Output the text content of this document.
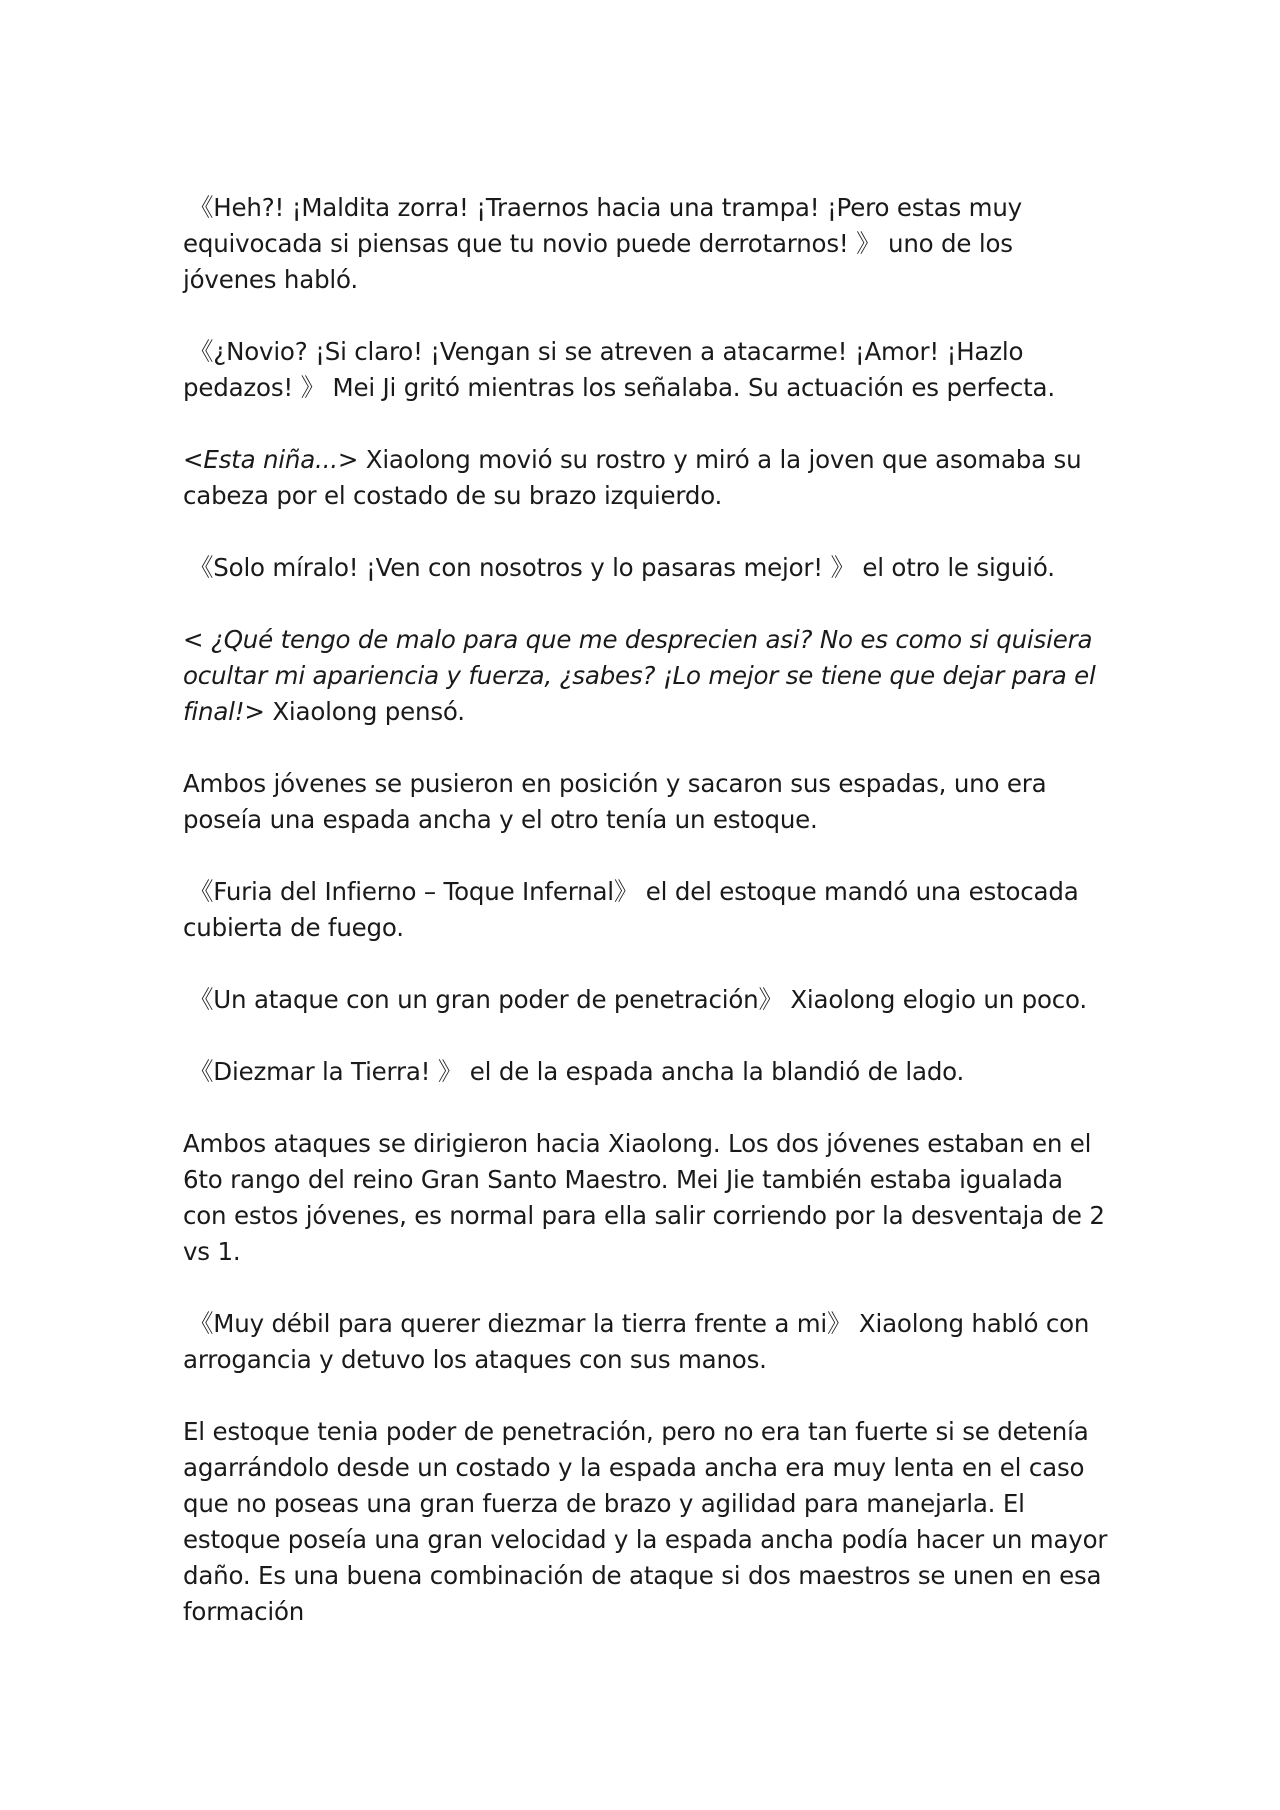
《Heh?! ¡Maldita zorra! ¡Traernos hacia una trampa! ¡Pero estas muy equivocada si piensas que tu novio puede derrotarnos! 》 uno de los jóvenes habló.

《¿Novio? ¡Si claro! ¡Vengan si se atreven a atacarme! ¡Amor! ¡Hazlo pedazos! 》 Mei Ji gritó mientras los señalaba. Su actuación es perfecta.

<Esta niña...> Xiaolong movió su rostro y miró a la joven que asomaba su cabeza por el costado de su brazo izquierdo.

《Solo míralo! ¡Ven con nosotros y lo pasaras mejor! 》 el otro le siguió.

< ¿Qué tengo de malo para que me desprecien asi? No es como si quisiera ocultar mi apariencia y fuerza, ¿sabes? ¡Lo mejor se tiene que dejar para el final!> Xiaolong pensó.

Ambos jóvenes se pusieron en posición y sacaron sus espadas, uno era poseía una espada ancha y el otro tenía un estoque.

《Furia del Infierno – Toque Infernal》 el del estoque mandó una estocada cubierta de fuego.

《Un ataque con un gran poder de penetración》 Xiaolong elogio un poco.

《Diezmar la Tierra! 》 el de la espada ancha la blandió de lado.

Ambos ataques se dirigieron hacia Xiaolong. Los dos jóvenes estaban en el 6to rango del reino Gran Santo Maestro. Mei Jie también estaba igualada con estos jóvenes, es normal para ella salir corriendo por la desventaja de 2 vs 1.

《Muy débil para querer diezmar la tierra frente a mi》 Xiaolong habló con arrogancia y detuvo los ataques con sus manos.

El estoque tenia poder de penetración, pero no era tan fuerte si se detenía agarrándolo desde un costado y la espada ancha era muy lenta en el caso que no poseas una gran fuerza de brazo y agilidad para manejarla. El estoque poseía una gran velocidad y la espada ancha podía hacer un mayor daño. Es una buena combinación de ataque si dos maestros se unen en esa formación
